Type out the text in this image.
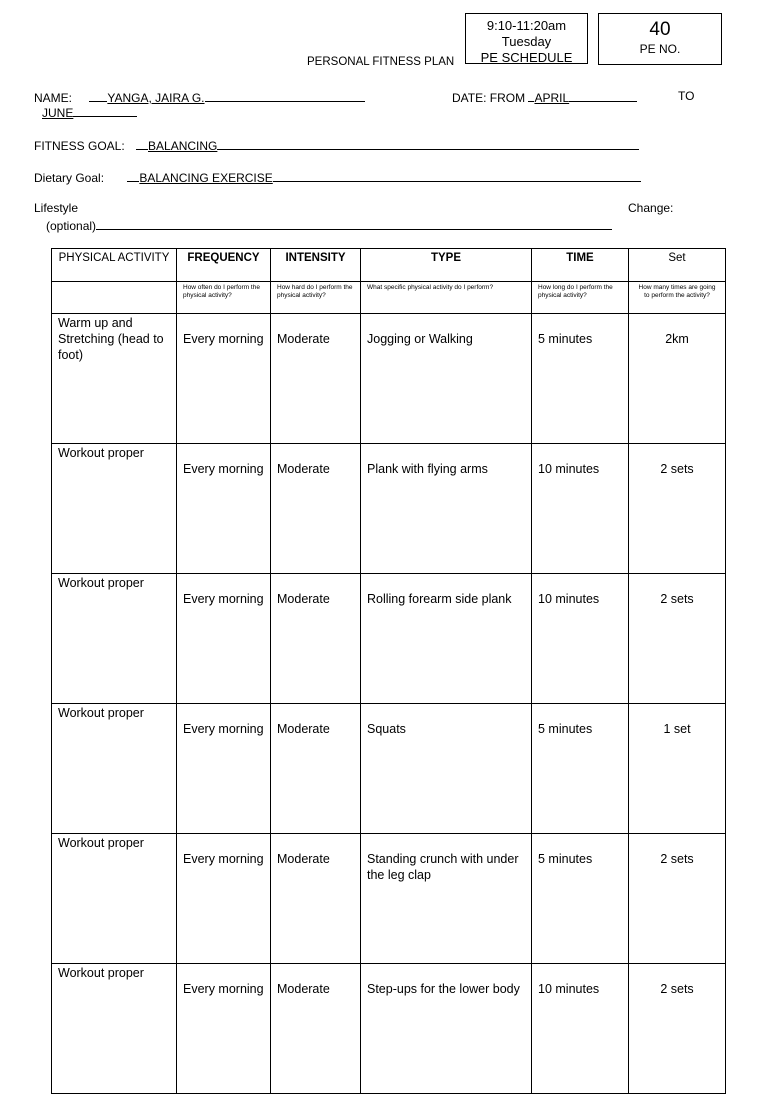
9:10-11:20am
Tuesday
PE SCHEDULE
40
PE NO.
PERSONAL FITNESS PLAN
NAME:	YANGA, JAIRA G.	DATE: FROM APRIL	TO
JUNE
FITNESS GOAL: BALANCING
Dietary Goal:	BALANCING EXERCISE
Lifestyle	Change:
(optional)
PHYSICAL ACTIVITY	FREQUENCY	INTENSITY	TYPE	TIME	Set
	How often do I perform the physical activity?	How hard do I perform the physical activity?	What specific physical activity do I perform?	How long do I perform the physical activity?	How many times are going to perform the activity?
Warm up and Stretching (head to foot)	Every morning	Moderate	Jogging or Walking	5 minutes	2km
Workout proper	Every morning	Moderate	Plank with flying arms	10 minutes	2 sets
Workout proper	Every morning	Moderate	Rolling forearm side plank	10 minutes	2 sets
Workout proper	Every morning	Moderate	Squats	5 minutes	1 set
Workout proper	Every morning	Moderate	Standing crunch with under the leg clap	5 minutes	2 sets
Workout proper	Every morning	Moderate	Step-ups for the lower body	10 minutes	2 sets
